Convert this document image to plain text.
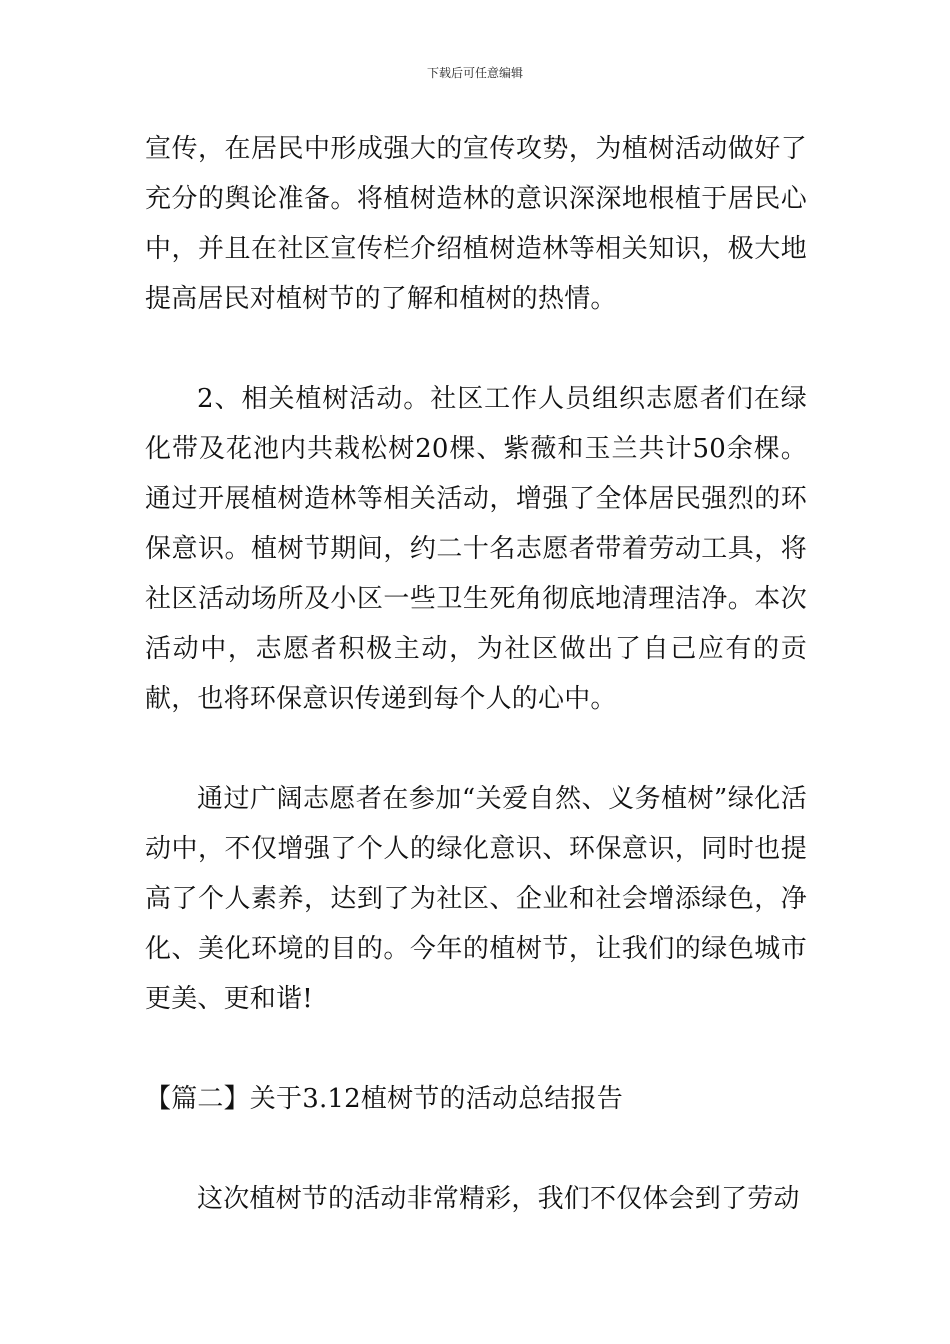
下载后可任意编辑

宣传，在居民中形成强大的宣传攻势，为植树活动做好了充分的舆论准备。将植树造林的意识深深地根植于居民心中，并且在社区宣传栏介绍植树造林等相关知识，极大地提高居民对植树节的了解和植树的热情。

2、相关植树活动。社区工作人员组织志愿者们在绿化带及花池内共栽松树20棵、紫薇和玉兰共计50余棵。通过开展植树造林等相关活动，增强了全体居民强烈的环保意识。植树节期间，约二十名志愿者带着劳动工具，将社区活动场所及小区一些卫生死角彻底地清理洁净。本次活动中，志愿者积极主动，为社区做出了自己应有的贡献，也将环保意识传递到每个人的心中。

通过广阔志愿者在参加“关爱自然、义务植树”绿化活动中，不仅增强了个人的绿化意识、环保意识，同时也提高了个人素养，达到了为社区、企业和社会增添绿色，净化、美化环境的目的。今年的植树节，让我们的绿色城市更美、更和谐!

【篇二】关于3.12植树节的活动总结报告

这次植树节的活动非常精彩，我们不仅体会到了劳动
